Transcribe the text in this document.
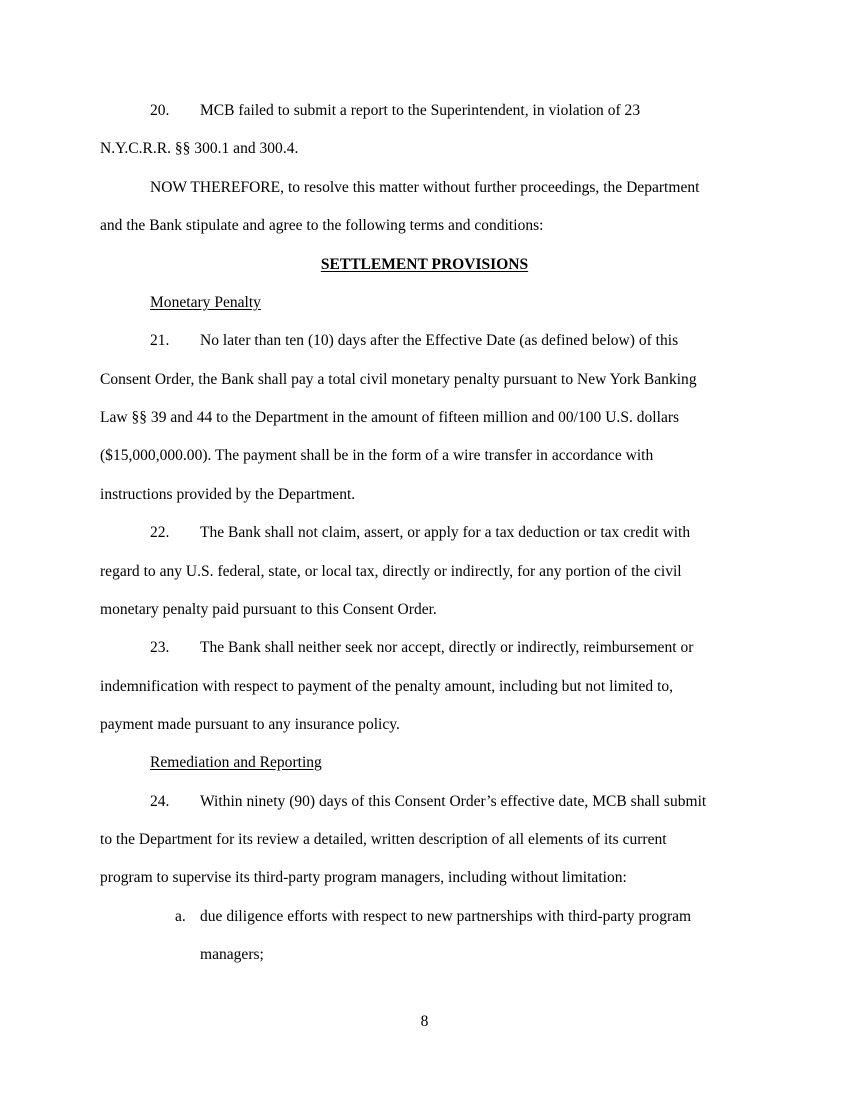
20. MCB failed to submit a report to the Superintendent, in violation of 23
N.Y.C.R.R. §§ 300.1 and 300.4.
NOW THEREFORE, to resolve this matter without further proceedings, the Department
and the Bank stipulate and agree to the following terms and conditions:
SETTLEMENT PROVISIONS
Monetary Penalty
21. No later than ten (10) days after the Effective Date (as defined below) of this
Consent Order, the Bank shall pay a total civil monetary penalty pursuant to New York Banking
Law §§ 39 and 44 to the Department in the amount of fifteen million and 00/100 U.S. dollars
($15,000,000.00). The payment shall be in the form of a wire transfer in accordance with
instructions provided by the Department.
22. The Bank shall not claim, assert, or apply for a tax deduction or tax credit with
regard to any U.S. federal, state, or local tax, directly or indirectly, for any portion of the civil
monetary penalty paid pursuant to this Consent Order.
23. The Bank shall neither seek nor accept, directly or indirectly, reimbursement or
indemnification with respect to payment of the penalty amount, including but not limited to,
payment made pursuant to any insurance policy.
Remediation and Reporting
24. Within ninety (90) days of this Consent Order’s effective date, MCB shall submit
to the Department for its review a detailed, written description of all elements of its current
program to supervise its third-party program managers, including without limitation:
a. due diligence efforts with respect to new partnerships with third-party program
managers;
8
